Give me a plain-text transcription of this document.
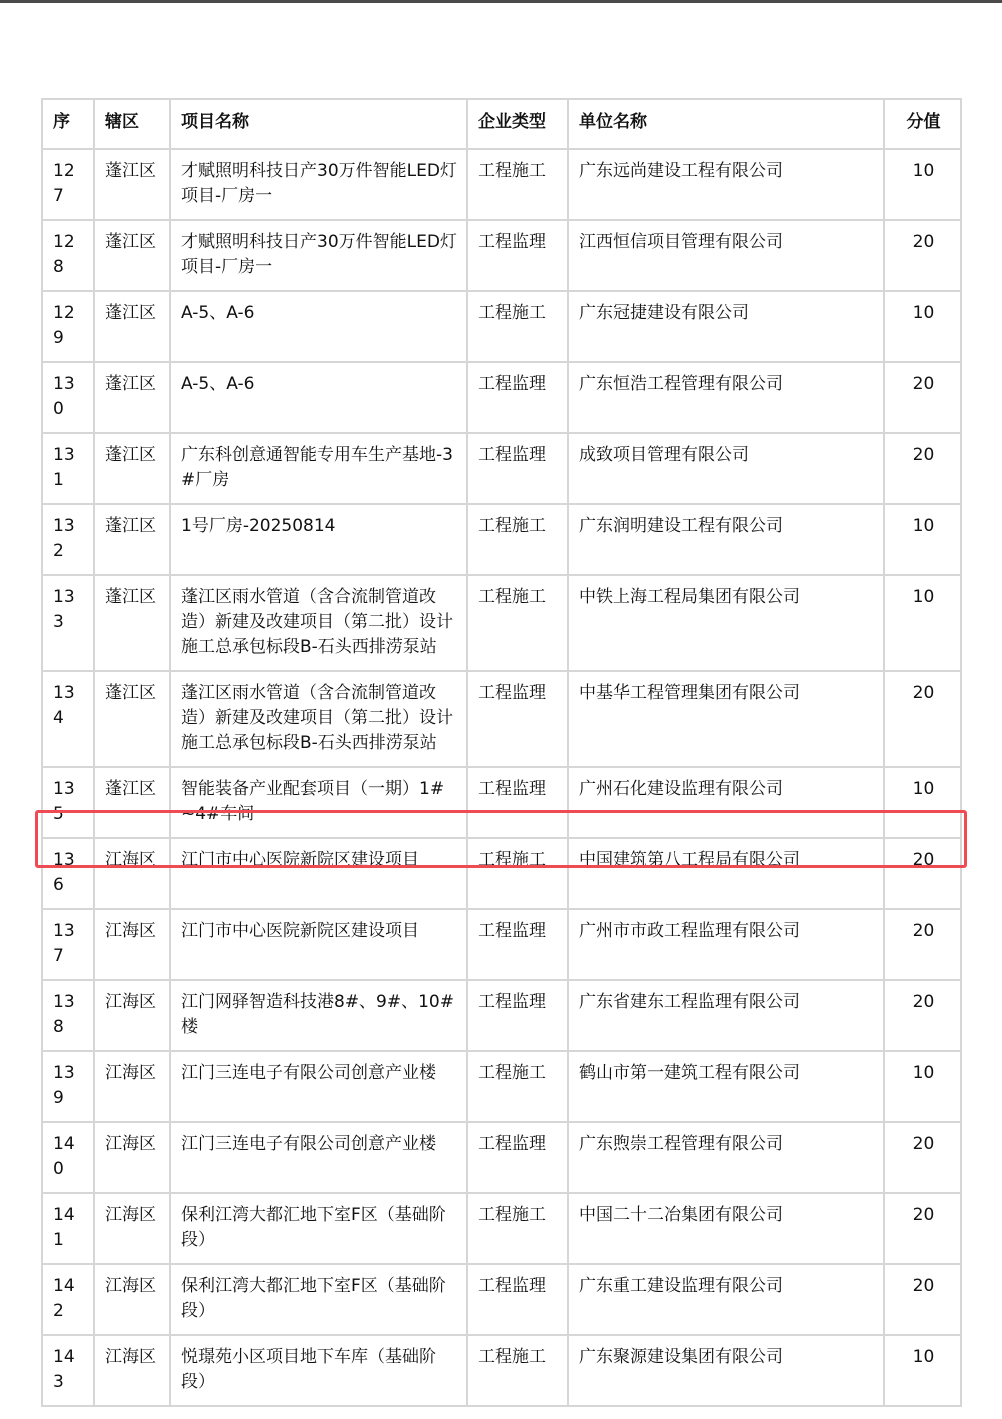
序	辖区	项目名称	企业类型	单位名称	分值
127	蓬江区	才赋照明科技日产30万件智能LED灯项目-厂房一	工程施工	广东远尚建设工程有限公司	10
128	蓬江区	才赋照明科技日产30万件智能LED灯项目-厂房一	工程监理	江西恒信项目管理有限公司	20
129	蓬江区	A-5、A-6	工程施工	广东冠捷建设有限公司	10
130	蓬江区	A-5、A-6	工程监理	广东恒浩工程管理有限公司	20
131	蓬江区	广东科创意通智能专用车生产基地-3#厂房	工程监理	成致项目管理有限公司	20
132	蓬江区	1号厂房-20250814	工程施工	广东润明建设工程有限公司	10
133	蓬江区	蓬江区雨水管道（含合流制管道改造）新建及改建项目（第二批）设计施工总承包标段B-石头西排涝泵站	工程施工	中铁上海工程局集团有限公司	10
134	蓬江区	蓬江区雨水管道（含合流制管道改造）新建及改建项目（第二批）设计施工总承包标段B-石头西排涝泵站	工程监理	中基华工程管理集团有限公司	20
135	蓬江区	智能装备产业配套项目（一期）1#~4#车间	工程监理	广州石化建设监理有限公司	10
136	江海区	江门市中心医院新院区建设项目	工程施工	中国建筑第八工程局有限公司	20
137	江海区	江门市中心医院新院区建设项目	工程监理	广州市市政工程监理有限公司	20
138	江海区	江门网驿智造科技港8#、9#、10#楼	工程监理	广东省建东工程监理有限公司	20
139	江海区	江门三连电子有限公司创意产业楼	工程施工	鹤山市第一建筑工程有限公司	10
140	江海区	江门三连电子有限公司创意产业楼	工程监理	广东煦崇工程管理有限公司	20
141	江海区	保利江湾大都汇地下室F区（基础阶段）	工程施工	中国二十二冶集团有限公司	20
142	江海区	保利江湾大都汇地下室F区（基础阶段）	工程监理	广东重工建设监理有限公司	20
143	江海区	悦璟苑小区项目地下车库（基础阶段）	工程施工	广东聚源建设集团有限公司	10
